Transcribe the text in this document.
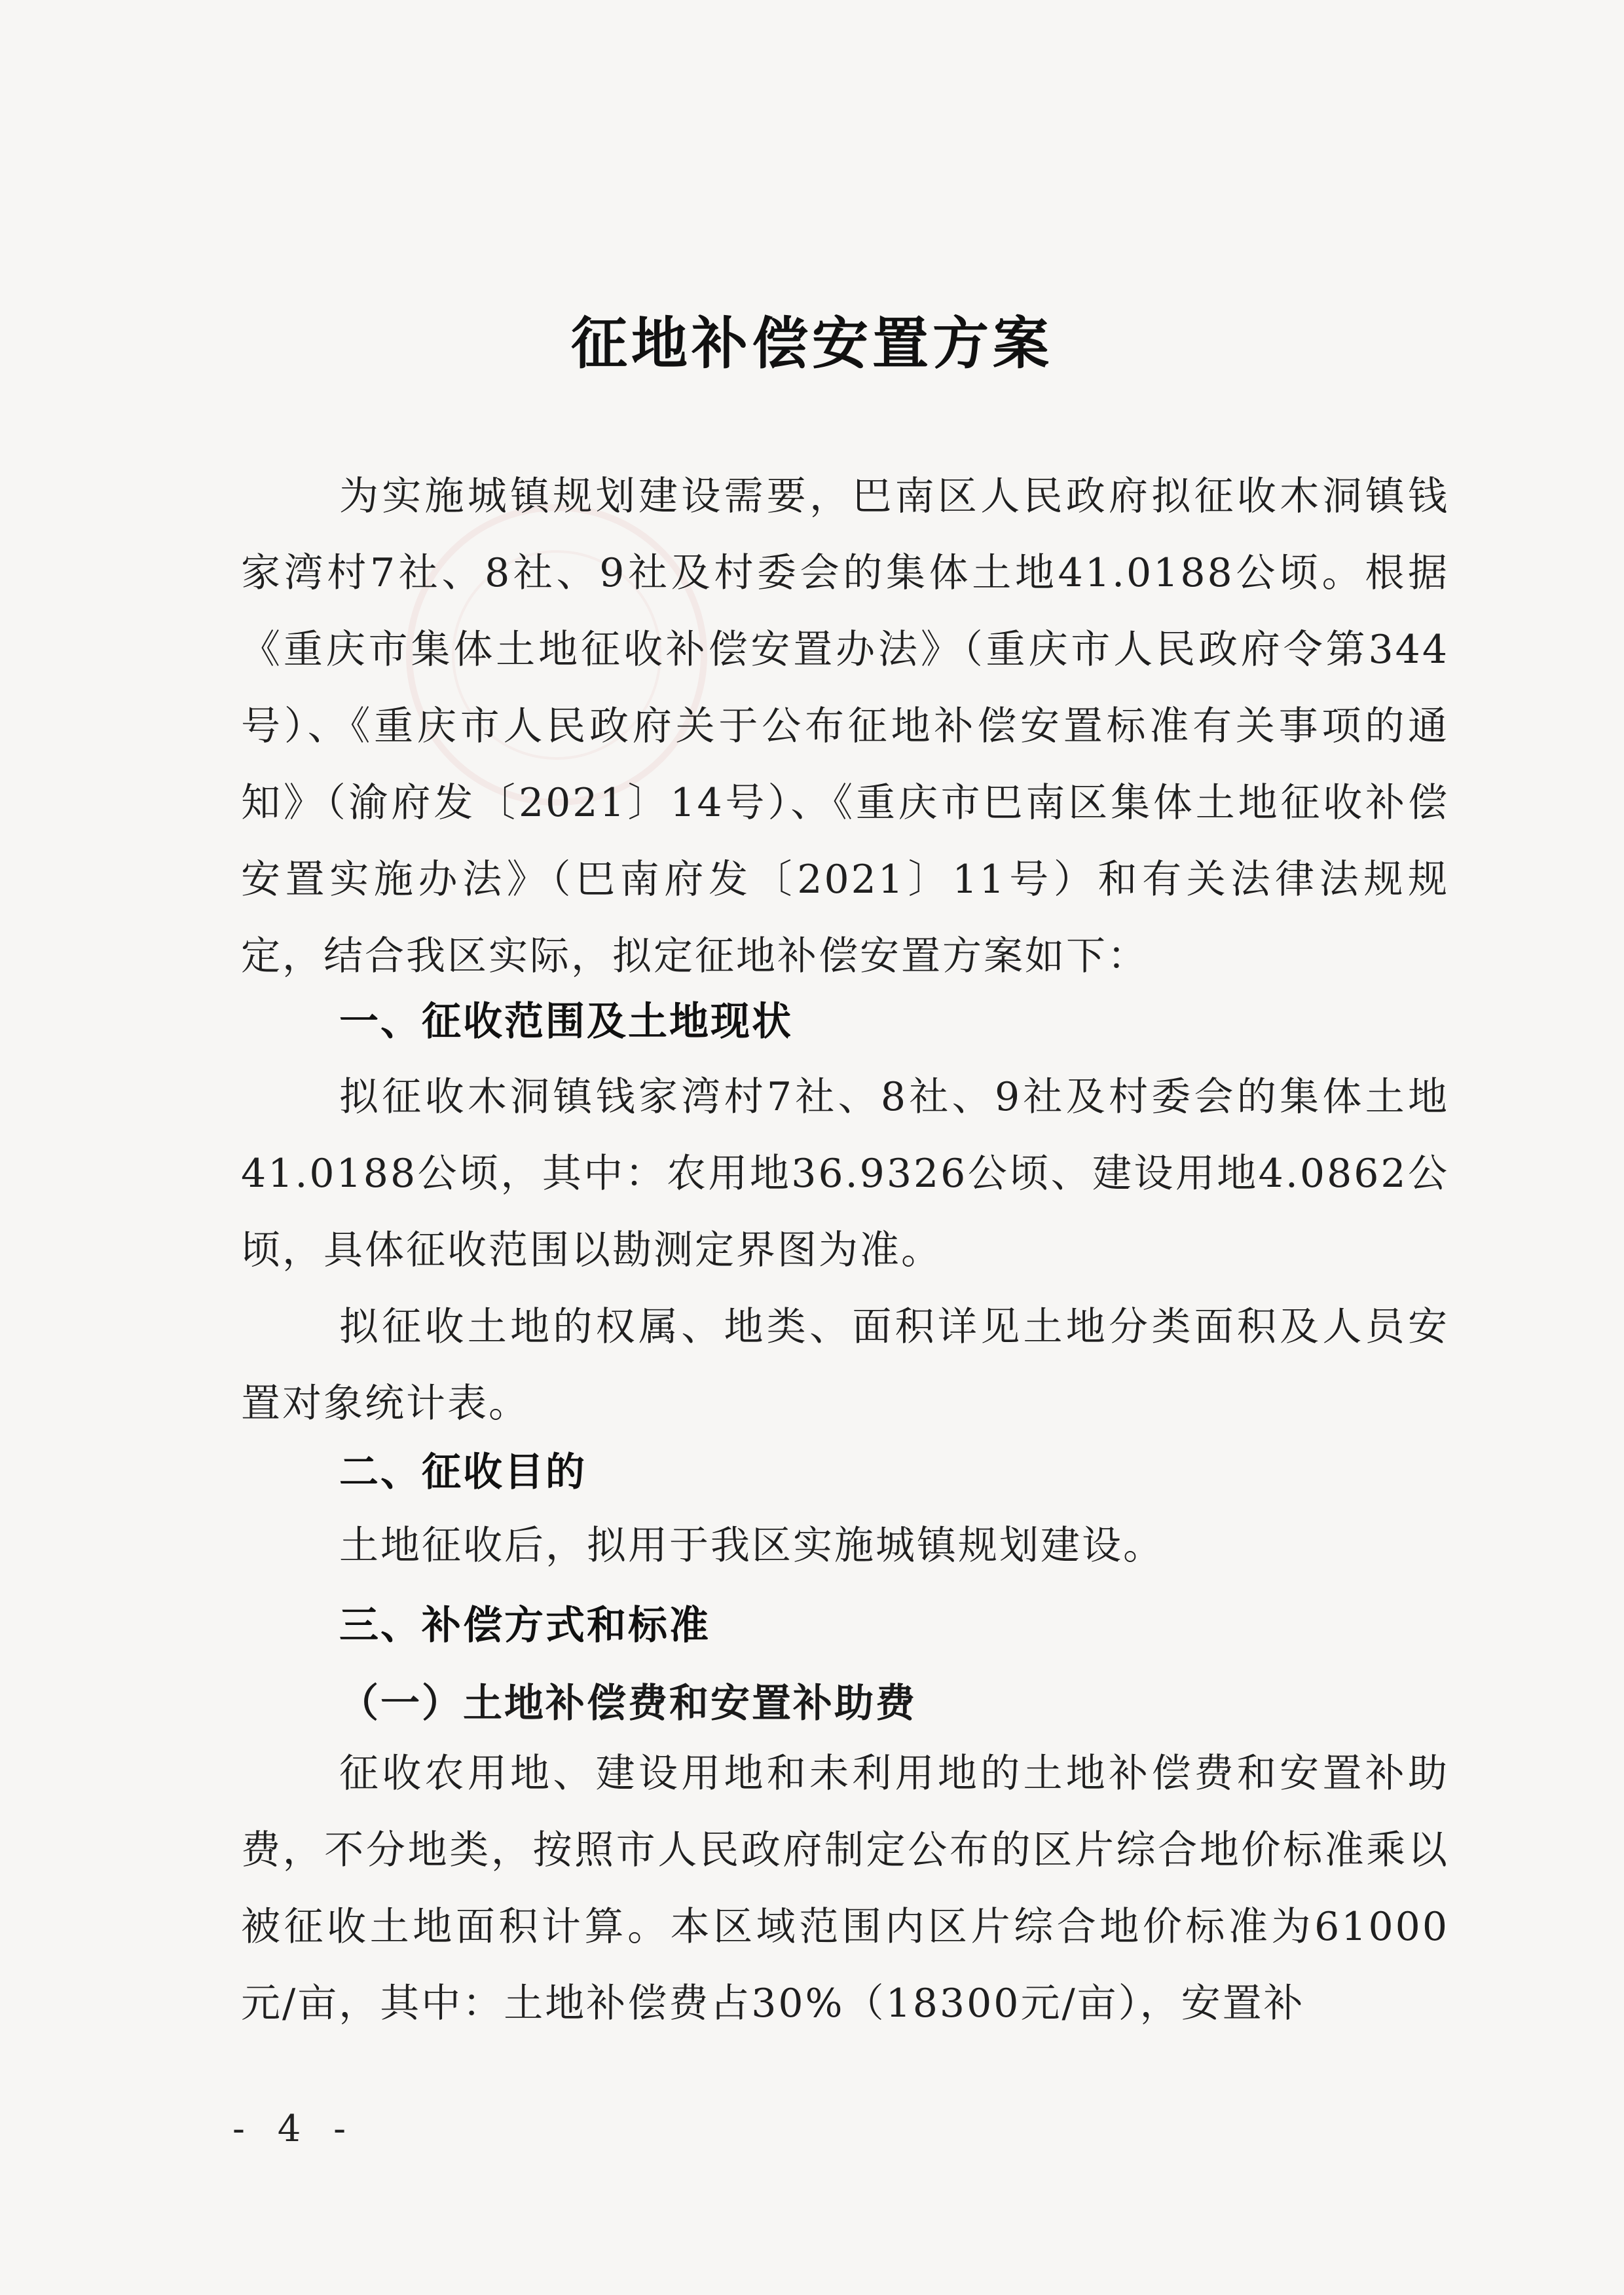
征地补偿安置方案

为实施城镇规划建设需要，巴南区人民政府拟征收木洞镇钱家湾村7社、8社、9社及村委会的集体土地41.0188公顷。根据《重庆市集体土地征收补偿安置办法》（重庆市人民政府令第344号）、《重庆市人民政府关于公布征地补偿安置标准有关事项的通知》（渝府发〔2021〕14号）、《重庆市巴南区集体土地征收补偿安置实施办法》（巴南府发〔2021〕11号）和有关法律法规规定，结合我区实际，拟定征地补偿安置方案如下：

一、征收范围及土地现状

拟征收木洞镇钱家湾村7社、8社、9社及村委会的集体土地41.0188公顷，其中：农用地36.9326公顷、建设用地4.0862公顷，具体征收范围以勘测定界图为准。

拟征收土地的权属、地类、面积详见土地分类面积及人员安置对象统计表。

二、征收目的

土地征收后，拟用于我区实施城镇规划建设。

三、补偿方式和标准
（一）土地补偿费和安置补助费

征收农用地、建设用地和未利用地的土地补偿费和安置补助费，不分地类，按照市人民政府制定公布的区片综合地价标准乘以被征收土地面积计算。本区域范围内区片综合地价标准为61000元/亩，其中：土地补偿费占30%（18300元/亩），安置补

- 4 -
